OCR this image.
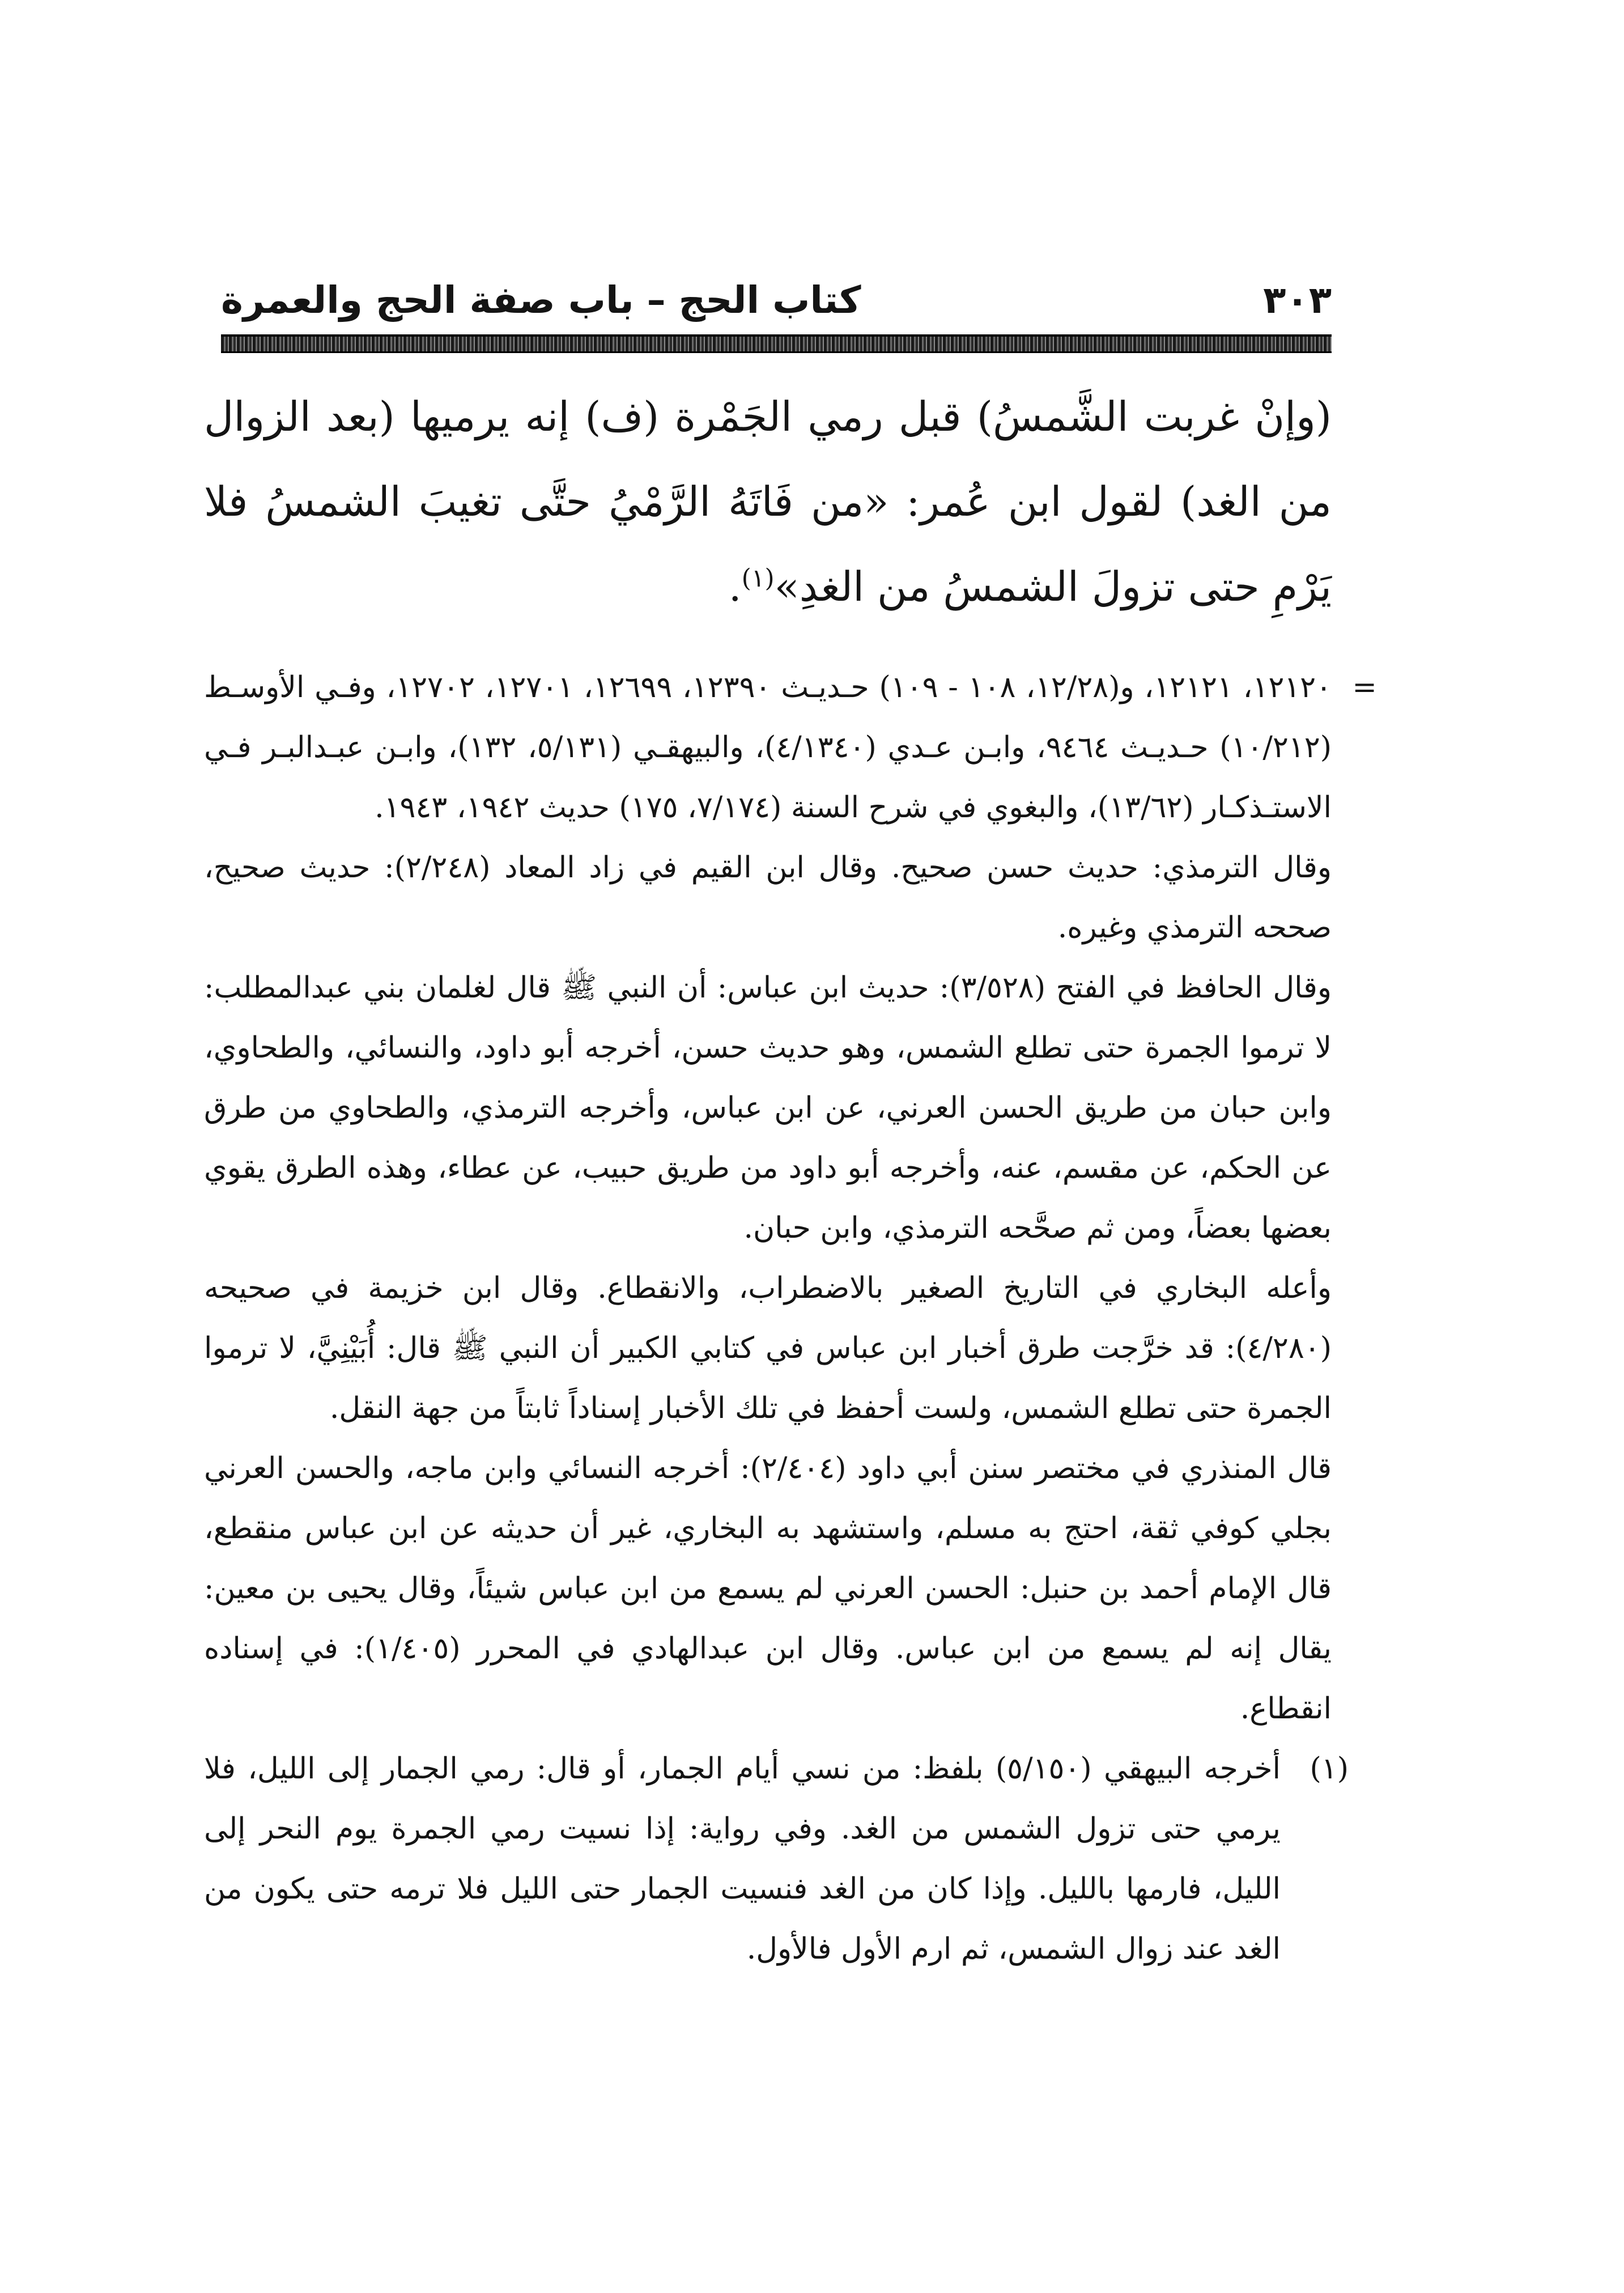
٣٠٣

كتاب الحج – باب صفة الحج والعمرة

(وإنْ غربت الشَّمسُ) قبل رمي الجَمْرة (ف) إنه يرميها (بعد الزوال من الغد) لقول ابن عُمر: «من فَاتَهُ الرَّمْيُ حتَّى تغيبَ الشمسُ فلا يَرْمِ حتى تزولَ الشمسُ من الغدِ»$^{(١)}$.

=

١٢١٢٠، ١٢١٢١، و(١٢/٢٨، ١٠٨ - ١٠٩) حـديـث ١٢٣٩٠، ١٢٦٩٩، ١٢٧٠١، ١٢٧٠٢، وفـي الأوسـط (١٠/٢١٢) حـديـث ٩٤٦٤، وابـن عـدي (٤/١٣٤٠)، والبيهقـي (٥/١٣١، ١٣٢)، وابـن عبـدالبـر فـي الاستـذكـار (١٣/٦٢)، والبغوي في شرح السنة (٧/١٧٤، ١٧٥) حديث ١٩٤٢، ١٩٤٣.

وقال الترمذي: حديث حسن صحيح. وقال ابن القيم في زاد المعاد (٢/٢٤٨): حديث صحيح، صححه الترمذي وغيره.

وقال الحافظ في الفتح (٣/٥٢٨): حديث ابن عباس: أن النبي ﷺ قال لغلمان بني عبدالمطلب: لا ترموا الجمرة حتى تطلع الشمس، وهو حديث حسن، أخرجه أبو داود، والنسائي، والطحاوي، وابن حبان من طريق الحسن العرني، عن ابن عباس، وأخرجه الترمذي، والطحاوي من طرق عن الحكم، عن مقسم، عنه، وأخرجه أبو داود من طريق حبيب، عن عطاء، وهذه الطرق يقوي بعضها بعضاً، ومن ثم صحَّحه الترمذي، وابن حبان.

وأعله البخاري في التاريخ الصغير بالاضطراب، والانقطاع. وقال ابن خزيمة في صحيحه (٤/٢٨٠): قد خرَّجت طرق أخبار ابن عباس في كتابي الكبير أن النبي ﷺ قال: أُبَيْنِيَّ، لا ترموا الجمرة حتى تطلع الشمس، ولست أحفظ في تلك الأخبار إسناداً ثابتاً من جهة النقل.

قال المنذري في مختصر سنن أبي داود (٢/٤٠٤): أخرجه النسائي وابن ماجه، والحسن العرني بجلي كوفي ثقة، احتج به مسلم، واستشهد به البخاري، غير أن حديثه عن ابن عباس منقطع، قال الإمام أحمد بن حنبل: الحسن العرني لم يسمع من ابن عباس شيئاً، وقال يحيى بن معين: يقال إنه لم يسمع من ابن عباس. وقال ابن عبدالهادي في المحرر (١/٤٠٥): في إسناده انقطاع.

(١)
أخرجه البيهقي (٥/١٥٠) بلفظ: من نسي أيام الجمار، أو قال: رمي الجمار إلى الليل، فلا يرمي حتى تزول الشمس من الغد. وفي رواية: إذا نسيت رمي الجمرة يوم النحر إلى الليل، فارمها بالليل. وإذا كان من الغد فنسيت الجمار حتى الليل فلا ترمه حتى يكون من الغد عند زوال الشمس، ثم ارم الأول فالأول.
